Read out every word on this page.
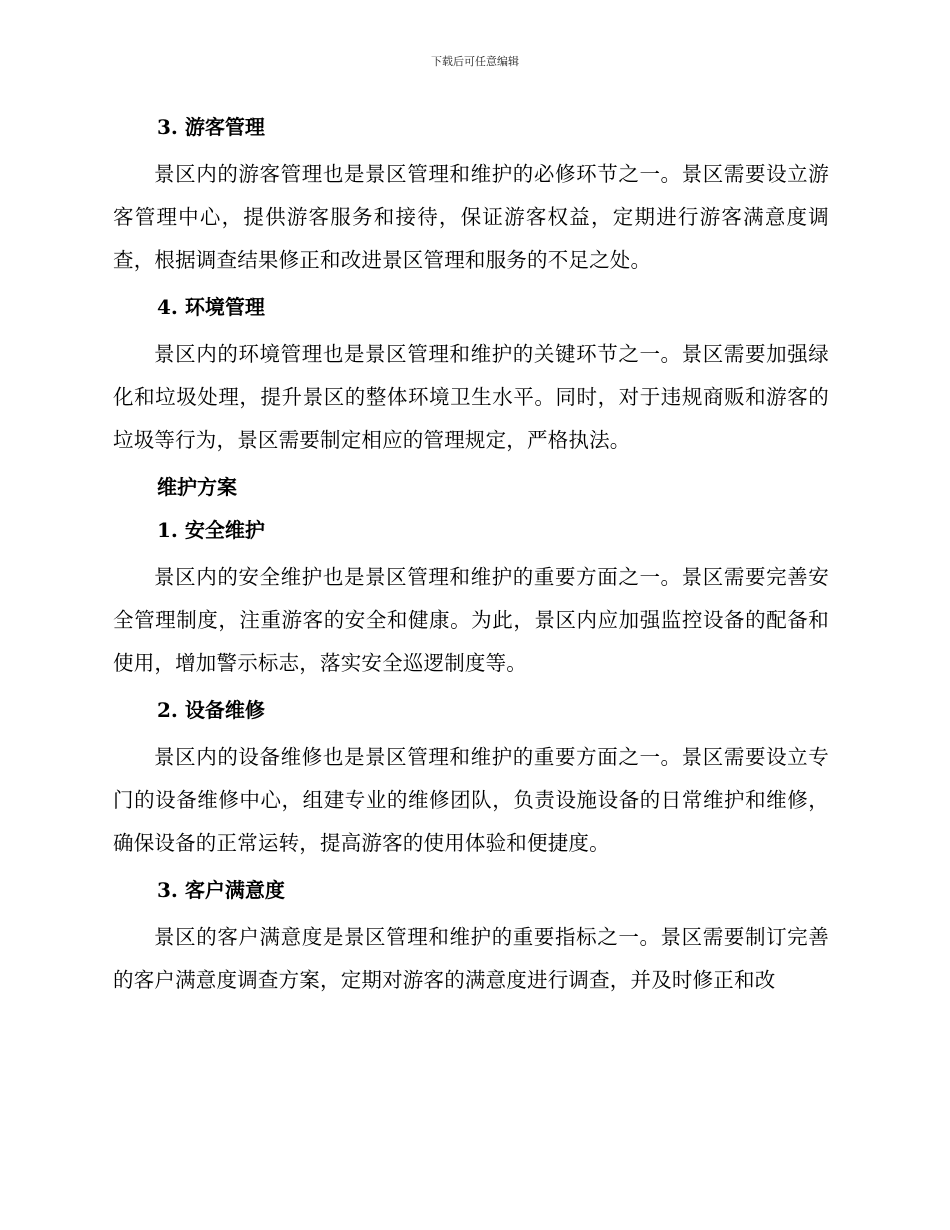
下载后可任意编辑
3. 游客管理

景区内的游客管理也是景区管理和维护的必修环节之一。景区需要设立游客管理中心，提供游客服务和接待，保证游客权益，定期进行游客满意度调查，根据调查结果修正和改进景区管理和服务的不足之处。

4. 环境管理

景区内的环境管理也是景区管理和维护的关键环节之一。景区需要加强绿化和垃圾处理，提升景区的整体环境卫生水平。同时，对于违规商贩和游客的垃圾等行为，景区需要制定相应的管理规定，严格执法。

维护方案
1. 安全维护

景区内的安全维护也是景区管理和维护的重要方面之一。景区需要完善安全管理制度，注重游客的安全和健康。为此，景区内应加强监控设备的配备和使用，增加警示标志，落实安全巡逻制度等。

2. 设备维修

景区内的设备维修也是景区管理和维护的重要方面之一。景区需要设立专门的设备维修中心，组建专业的维修团队，负责设施设备的日常维护和维修，确保设备的正常运转，提高游客的使用体验和便捷度。

3. 客户满意度

景区的客户满意度是景区管理和维护的重要指标之一。景区需要制订完善的客户满意度调查方案，定期对游客的满意度进行调查，并及时修正和改
